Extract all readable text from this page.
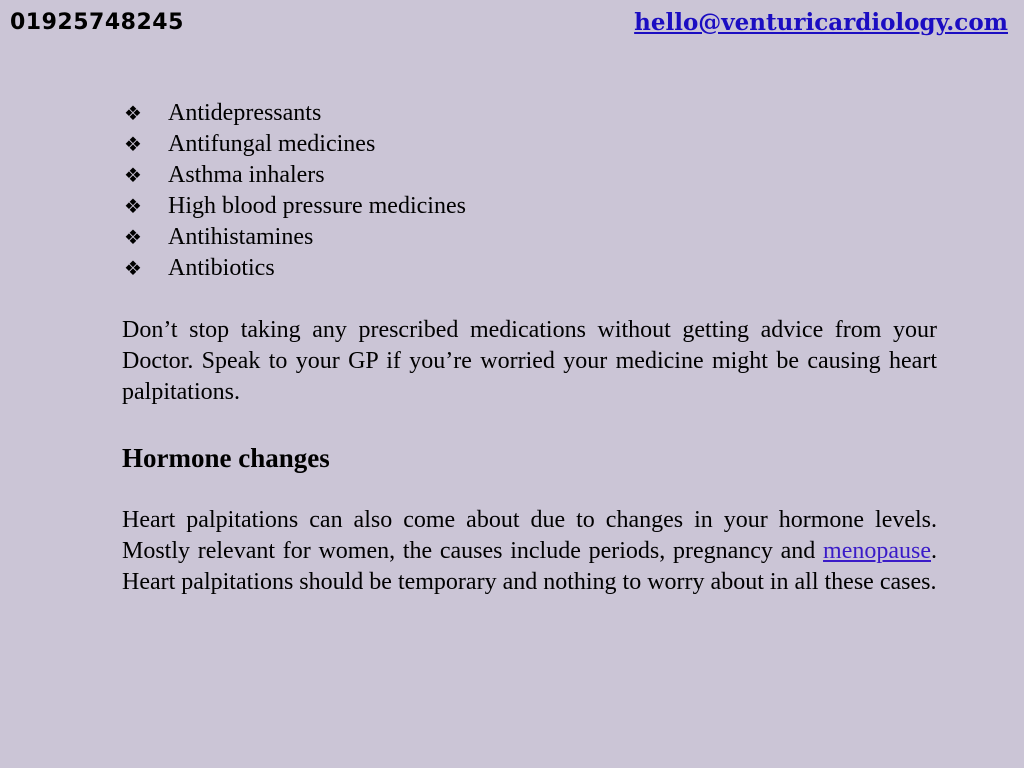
01925748245	hello@venturicardiology.com
❖	Antidepressants
❖	Antifungal medicines
❖	Asthma inhalers
❖	High blood pressure medicines
❖	Antihistamines
❖	Antibiotics

Don’t stop taking any prescribed medications without getting advice from your Doctor. Speak to your GP if you’re worried your medicine might be causing heart palpitations.

Hormone changes

Heart palpitations can also come about due to changes in your hormone levels. Mostly relevant for women, the causes include periods, pregnancy and menopause. Heart palpitations should be temporary and nothing to worry about in all these cases.
